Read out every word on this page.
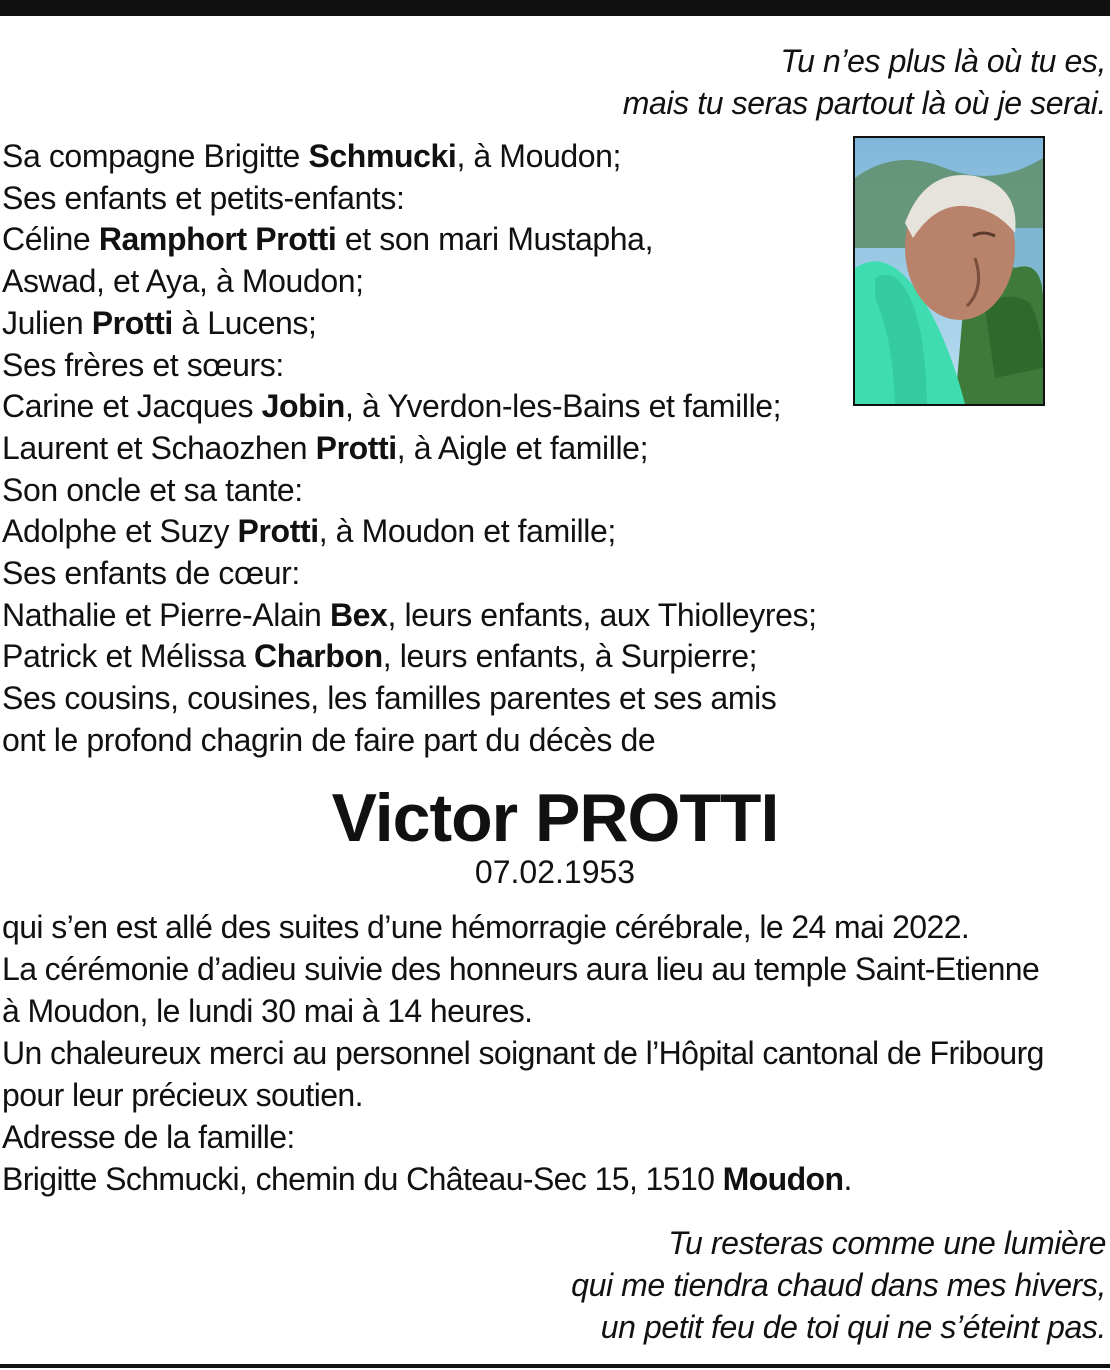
Tu n’es plus là où tu es,
mais tu seras partout là où je serai.
Sa compagne Brigitte Schmucki, à Moudon;
Ses enfants et petits-enfants:
Céline Ramphort Protti et son mari Mustapha,
Aswad, et Aya, à Moudon;
Julien Protti à Lucens;
Ses frères et sœurs:
Carine et Jacques Jobin, à Yverdon-les-Bains et famille;
Laurent et Schaozhen Protti, à Aigle et famille;
Son oncle et sa tante:
Adolphe et Suzy Protti, à Moudon et famille;
Ses enfants de cœur:
Nathalie et Pierre-Alain Bex, leurs enfants, aux Thiolleyres;
Patrick et Mélissa Charbon, leurs enfants, à Surpierre;
Ses cousins, cousines, les familles parentes et ses amis
ont le profond chagrin de faire part du décès de
Victor PROTTI
07.02.1953
qui s’en est allé des suites d’une hémorragie cérébrale, le 24 mai 2022.
La cérémonie d’adieu suivie des honneurs aura lieu au temple Saint-Etienne
à Moudon, le lundi 30 mai à 14 heures.
Un chaleureux merci au personnel soignant de l’Hôpital cantonal de Fribourg
pour leur précieux soutien.
Adresse de la famille:
Brigitte Schmucki, chemin du Château-Sec 15, 1510 Moudon.
Tu resteras comme une lumière
qui me tiendra chaud dans mes hivers,
un petit feu de toi qui ne s’éteint pas.
